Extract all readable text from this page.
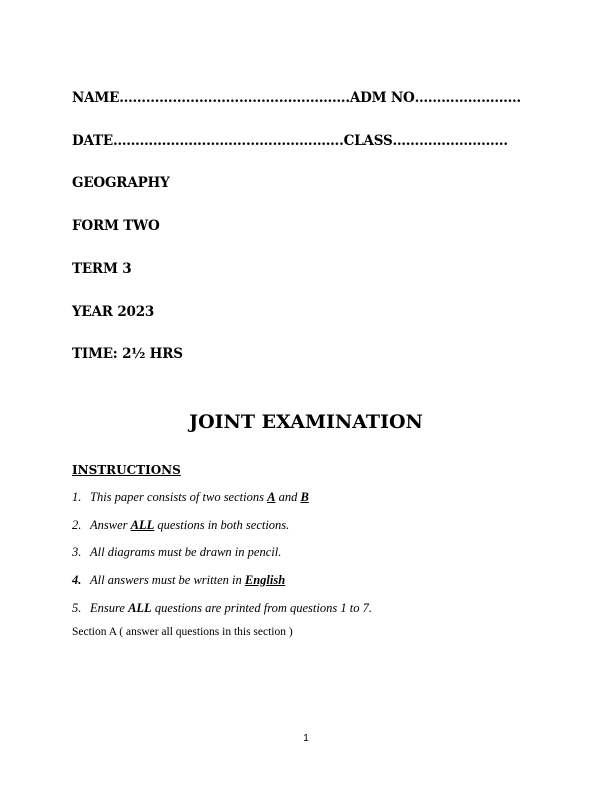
NAME…………………………………………….ADM NO……………………
DATE…………………………………………….CLASS……………………..
GEOGRAPHY
FORM TWO
TERM 3
YEAR 2023
TIME: 2½ HRS
JOINT EXAMINATION
INSTRUCTIONS
1. This paper consists of two sections A and B
2. Answer ALL questions in both sections.
3. All diagrams must be drawn in pencil.
4. All answers must be written in English
5. Ensure ALL questions are printed from questions 1 to 7.
Section A ( answer all questions in this section )
1
